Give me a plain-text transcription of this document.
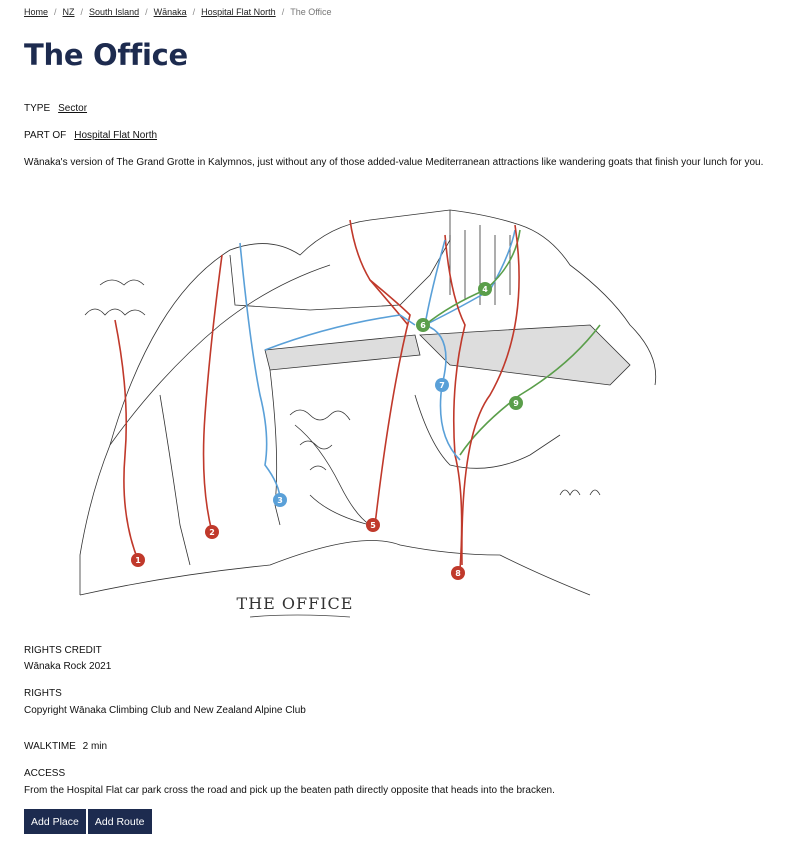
Home / NZ / South Island / Wānaka / Hospital Flat North / The Office
The Office
TYPE Sector
PART OF Hospital Flat North

Wānaka's version of The Grand Grotte in Kalymnos, just without any of those added-value Mediterranean attractions like wandering goats that finish your lunch for you.

1
2
3
4
5
6
7
8
9
THE OFFICE
RIGHTS CREDIT
Wānaka Rock 2021
RIGHTS
Copyright Wānaka Climbing Club and New Zealand Alpine Club
WALKTIME 2 min
ACCESS
From the Hospital Flat car park cross the road and pick up the beaten path directly opposite that heads into the bracken.
Add Place	Add Route
